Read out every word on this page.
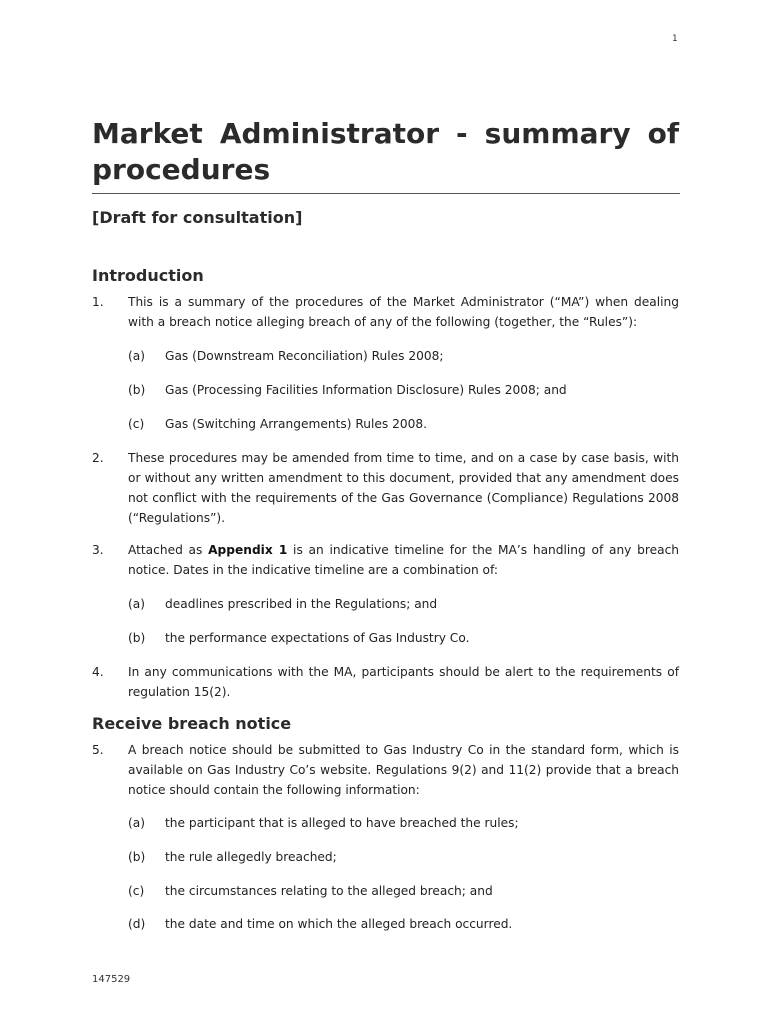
1
Market Administrator - summary of procedures
[Draft for consultation]
Introduction
1. This is a summary of the procedures of the Market Administrator (“MA”) when dealing with a breach notice alleging breach of any of the following (together, the “Rules”):
(a) Gas (Downstream Reconciliation) Rules 2008;
(b) Gas (Processing Facilities Information Disclosure) Rules 2008; and
(c) Gas (Switching Arrangements) Rules 2008.
2. These procedures may be amended from time to time, and on a case by case basis, with or without any written amendment to this document, provided that any amendment does not conflict with the requirements of the Gas Governance (Compliance) Regulations 2008 (“Regulations”).
3. Attached as Appendix 1 is an indicative timeline for the MA’s handling of any breach notice. Dates in the indicative timeline are a combination of:
(a) deadlines prescribed in the Regulations; and
(b) the performance expectations of Gas Industry Co.
4. In any communications with the MA, participants should be alert to the requirements of regulation 15(2).
Receive breach notice
5. A breach notice should be submitted to Gas Industry Co in the standard form, which is available on Gas Industry Co’s website. Regulations 9(2) and 11(2) provide that a breach notice should contain the following information:
(a) the participant that is alleged to have breached the rules;
(b) the rule allegedly breached;
(c) the circumstances relating to the alleged breach; and
(d) the date and time on which the alleged breach occurred.
147529
